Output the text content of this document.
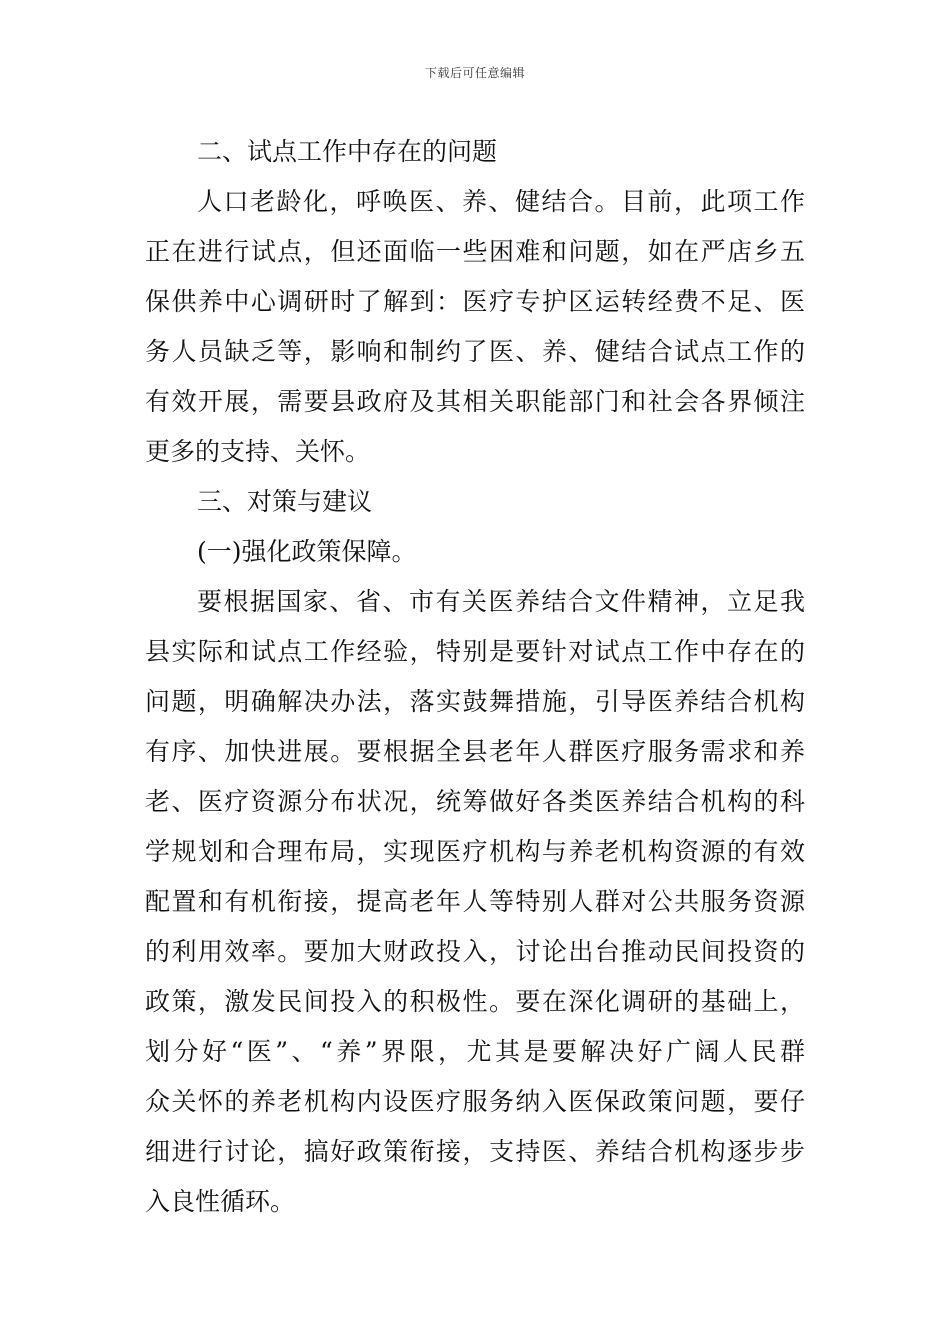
下载后可任意编辑
二、试点工作中存在的问题
人口老龄化，呼唤医、养、健结合。目前，此项工作
正在进行试点，但还面临一些困难和问题，如在严店乡五
保供养中心调研时了解到：医疗专护区运转经费不足、医
务人员缺乏等，影响和制约了医、养、健结合试点工作的
有效开展，需要县政府及其相关职能部门和社会各界倾注
更多的支持、关怀。
三、对策与建议
(一)强化政策保障。
要根据国家、省、市有关医养结合文件精神，立足我
县实际和试点工作经验，特别是要针对试点工作中存在的
问题，明确解决办法，落实鼓舞措施，引导医养结合机构
有序、加快进展。要根据全县老年人群医疗服务需求和养
老、医疗资源分布状况，统筹做好各类医养结合机构的科
学规划和合理布局，实现医疗机构与养老机构资源的有效
配置和有机衔接，提高老年人等特别人群对公共服务资源
的利用效率。要加大财政投入，讨论出台推动民间投资的
政策，激发民间投入的积极性。要在深化调研的基础上，
划分好“医”、“养”界限，尤其是要解决好广阔人民群
众关怀的养老机构内设医疗服务纳入医保政策问题，要仔
细进行讨论，搞好政策衔接，支持医、养结合机构逐步步
入良性循环。
